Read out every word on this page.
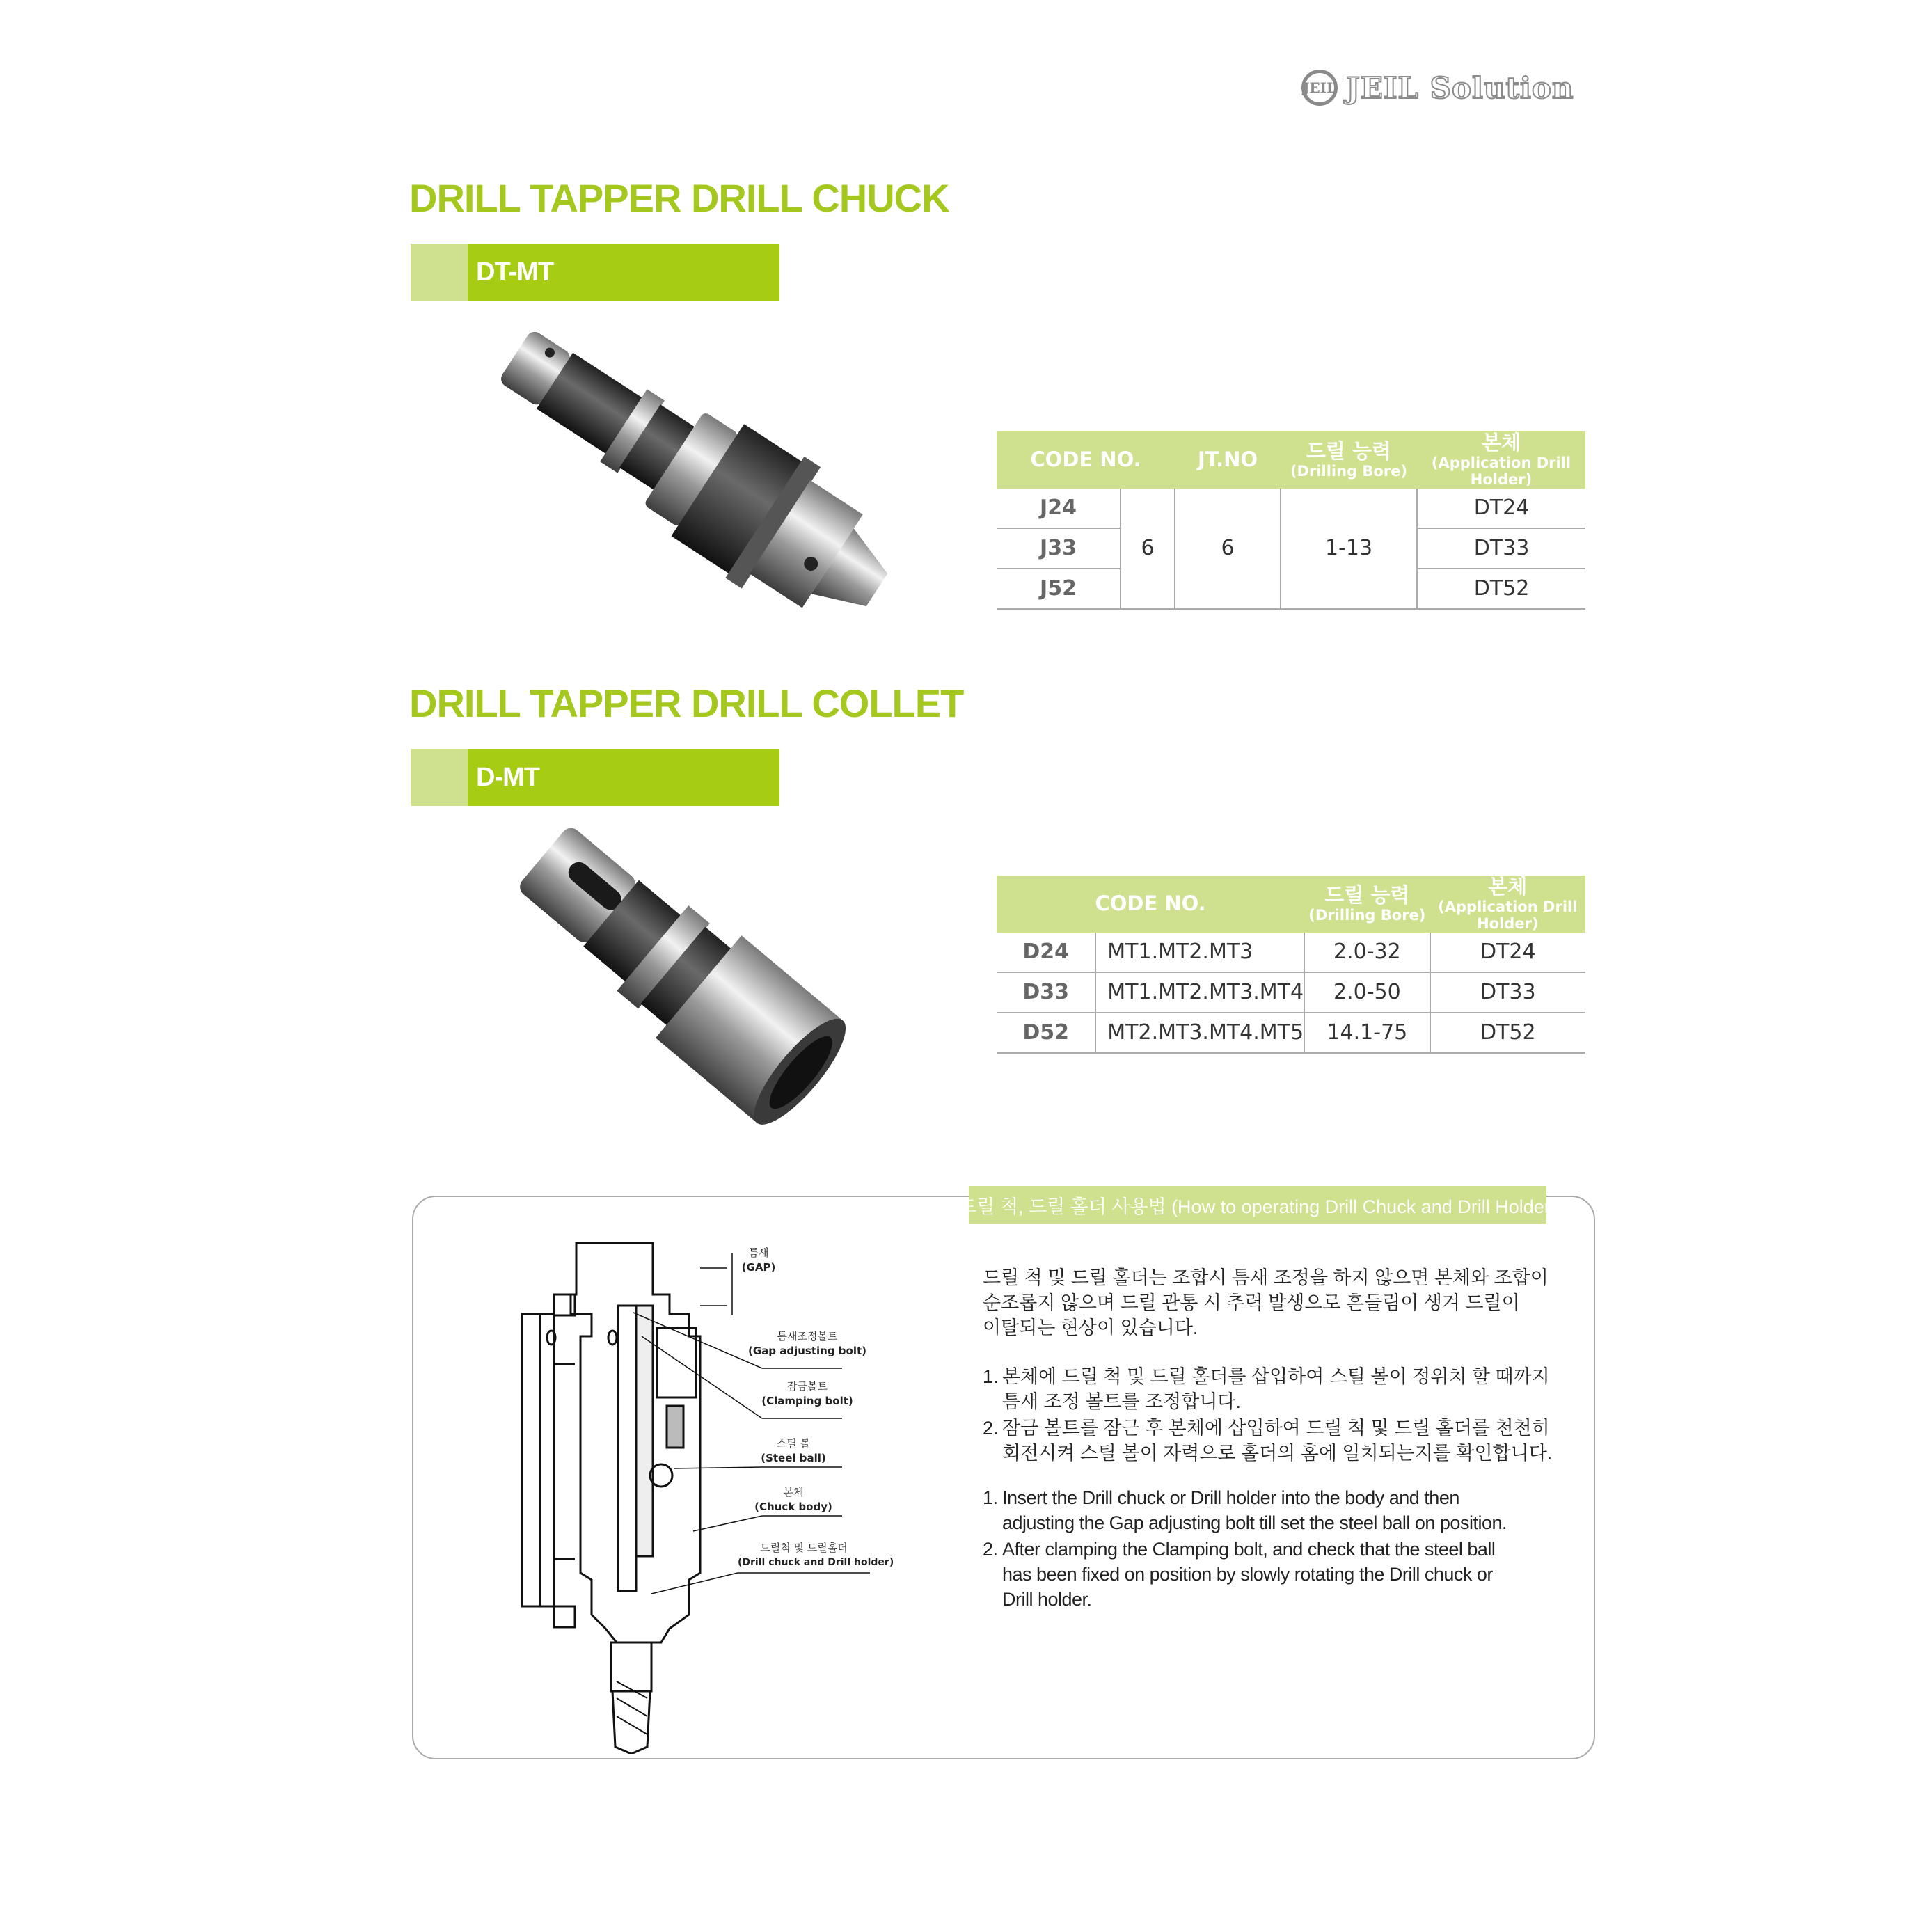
JEIL JEIL Solution
DRILL TAPPER DRILL CHUCK
DT-MT
CODE NO.		JT.NO	드릴 능력
(Drilling Bore)	본체
(Application Drill Holder)

J24	6	6	1-13	DT24
J33				DT33
J52				DT52
DRILL TAPPER DRILL COLLET
D-MT
CODE NO.		드릴 능력
(Drilling Bore)	본체
(Application Drill Holder)

D24	MT1.MT2.MT3	2.0-32	DT24
D33	MT1.MT2.MT3.MT4	2.0-50	DT33
D52	MT2.MT3.MT4.MT5	14.1-75	DT52
드릴 척, 드릴 홀더 사용법 (How to operating Drill Chuck and Drill Holder)
틈새
(GAP)
틈새조정볼트
(Gap adjusting bolt)
잠금볼트
(Clamping bolt)
스틸 볼
(Steel ball)
본체
(Chuck body)
드릴척 및 드릴홀더
(Drill chuck and Drill holder)
드릴 척 및 드릴 홀더는 조합시 틈새 조정을 하지 않으면 본체와 조합이
순조롭지 않으며 드릴 관통 시 추력 발생으로 흔들림이 생겨 드릴이
이탈되는 현상이 있습니다.
1. 본체에 드릴 척 및 드릴 홀더를 삽입하여 스틸 볼이 정위치 할 때까지
틈새 조정 볼트를 조정합니다.
2. 잠금 볼트를 잠근 후 본체에 삽입하여 드릴 척 및 드릴 홀더를 천천히
회전시켜 스틸 볼이 자력으로 홀더의 홈에 일치되는지를 확인합니다.
1. Insert the Drill chuck or Drill holder into the body and then
adjusting the Gap adjusting bolt till set the steel ball on position.
2. After clamping the Clamping bolt, and check that the steel ball
has been fixed on position by slowly rotating the Drill chuck or
Drill holder.
